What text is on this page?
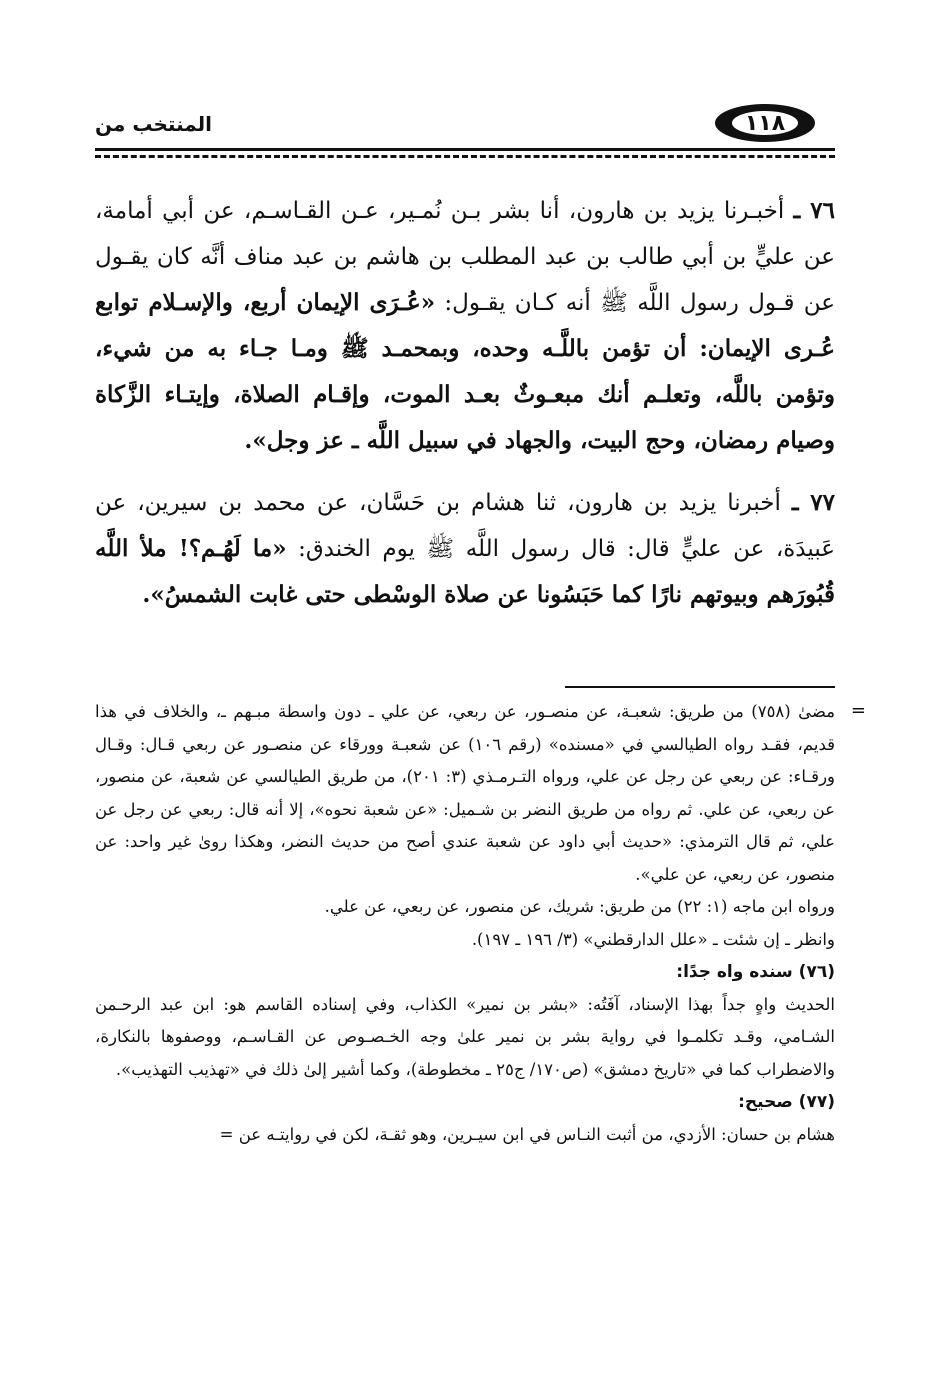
١١٨
المنتخب من

٧٦ ـ أخبـرنا يزيد بن هارون، أنا بشر بـن نُمـير، عـن القـاسـم، عن أبي أمامة، عن عليٍّ بن أبي طالب بن عبد المطلب بن هاشم بن عبد مناف أنَّه كان يقـول عن قـول رسول اللَّه ﷺ أنه كـان يقـول: «عُـرَى الإيمان أربع، والإسـلام توابع عُـرى الإيمان: أن تؤمن باللَّـه وحده، وبمحمـد ﷺ ومـا جـاء به من شيء، وتؤمن باللَّه، وتعلـم أنك مبعـوثٌ بعـد الموت، وإقـام الصلاة، وإيتـاء الزَّكاة وصيام رمضان، وحج البيت، والجهاد في سبيل اللَّه ـ عز وجل».

٧٧ ـ أخبرنا يزيد بن هارون، ثنا هشام بن حَسَّان، عن محمد بن سيرين، عن عَبيدَة، عن عليٍّ قال: قال رسول اللَّه ﷺ يوم الخندق: «ما لَهُـم؟! ملأ اللَّه قُبُورَهم وبيوتهم نارًا كما حَبَسُونا عن صلاة الوسْطى حتى غابت الشمسُ».

=

مضىٰ (٧٥٨) من طريق: شعبـة، عن منصـور، عن ربعي، عن علي ـ دون واسطة مبـهم ـ، والخلاف في هذا قديم، فقـد رواه الطيالسي في «مسنده» (رقم ١٠٦) عن شعبـة وورقاء عن منصـور عن ربعي قـال: وقـال ورقـاء: عن ربعي عن رجل عن علي، ورواه التـرمـذي (٣: ٢٠١)، من طريق الطيالسي عن شعبة، عن منصور، عن ربعي، عن علي. ثم رواه من طريق النضر بن شـميل: «عن شعبة نحوه»، إلا أنه قال: ربعي عن رجل عن علي، ثم قال الترمذي: «حديث أبي داود عن شعبة عندي أصح من حديث النضر، وهكذا روىٰ غير واحد: عن منصور، عن ربعي، عن علي».

ورواه ابن ماجه (١: ٢٢) من طريق: شريك، عن منصور، عن ربعي، عن علي.

وانظر ـ إن شئت ـ «علل الدارقطني» (٣/ ١٩٦ ـ ١٩٧).

(٧٦) سنده واه جدًا:

الحديث واهٍ جداً بهذا الإسناد، آفَتُه: «بشر بن نمير» الكذاب، وفي إسناده القاسم هو: ابن عبد الرحـمن الشـامي، وقـد تكلمـوا في رواية بشر بن نمير علىٰ وجه الخـصـوص عن القـاسـم، ووصفوها بالنكارة، والاضطراب كما في «تاريخ دمشق» (ص١٧٠/ ج٢٥ ـ مخطوطة)، وكما أشير إلىٰ ذلك في «تهذيب التهذيب».

(٧٧) صحيح:

هشام بن حسان: الأزدي، من أثبت النـاس في ابن سيـرين، وهو ثقـة، لكن في روايتـه عن =
